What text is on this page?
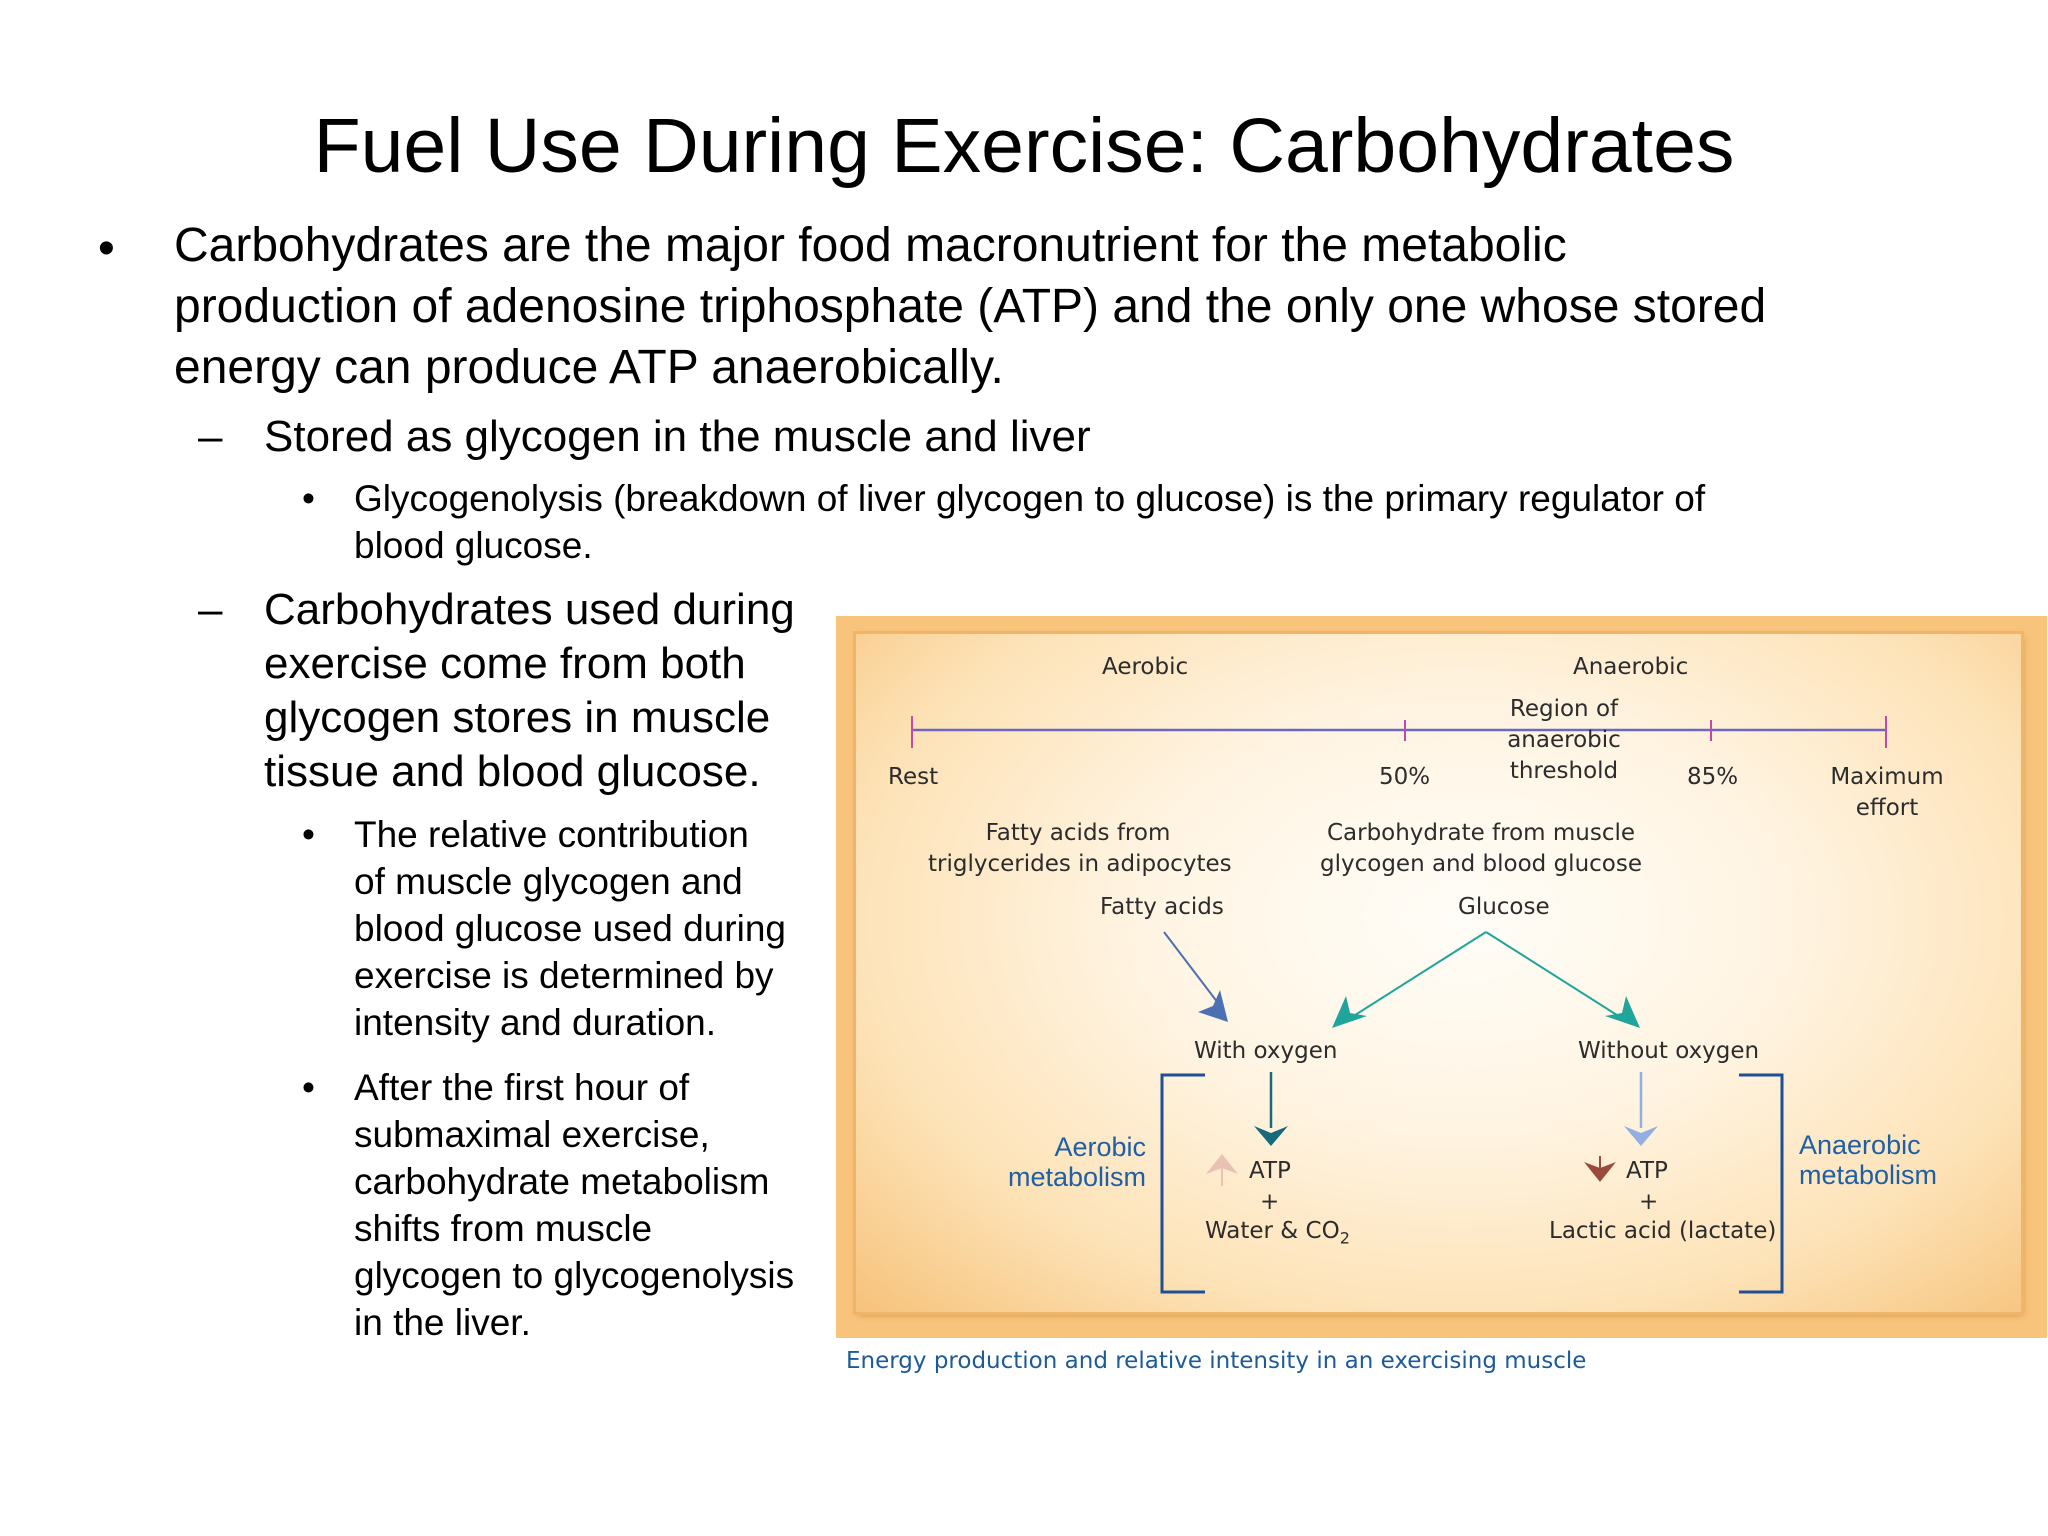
Fuel Use During Exercise: Carbohydrates
• Carbohydrates are the major food macronutrient for the metabolic
production of adenosine triphosphate (ATP) and the only one whose stored
energy can produce ATP anaerobically.

– Stored as glycogen in the muscle and liver

• Glycogenolysis (breakdown of liver glycogen to glucose) is the primary regulator of
blood glucose.

– Carbohydrates used during
exercise come from both
glycogen stores in muscle
tissue and blood glucose.

• The relative contribution
of muscle glycogen and
blood glucose used during
exercise is determined by
intensity and duration.

• After the first hour of
submaximal exercise,
carbohydrate metabolism
shifts from muscle
glycogen to glycogenolysis
in the liver.

Aerobic	Anaerobic
Region of
anaerobic
threshold
Rest	50%	85%	Maximum
effort
Fatty acids from
triglycerides in adipocytes
Carbohydrate from muscle
glycogen and blood glucose
Fatty acids	Glucose
With oxygen	Without oxygen
Aerobic
metabolism
Anaerobic
metabolism
ATP
+
Water & $CO_2$
ATP
+
Lactic acid (lactate)
Energy production and relative intensity in an exercising muscle
